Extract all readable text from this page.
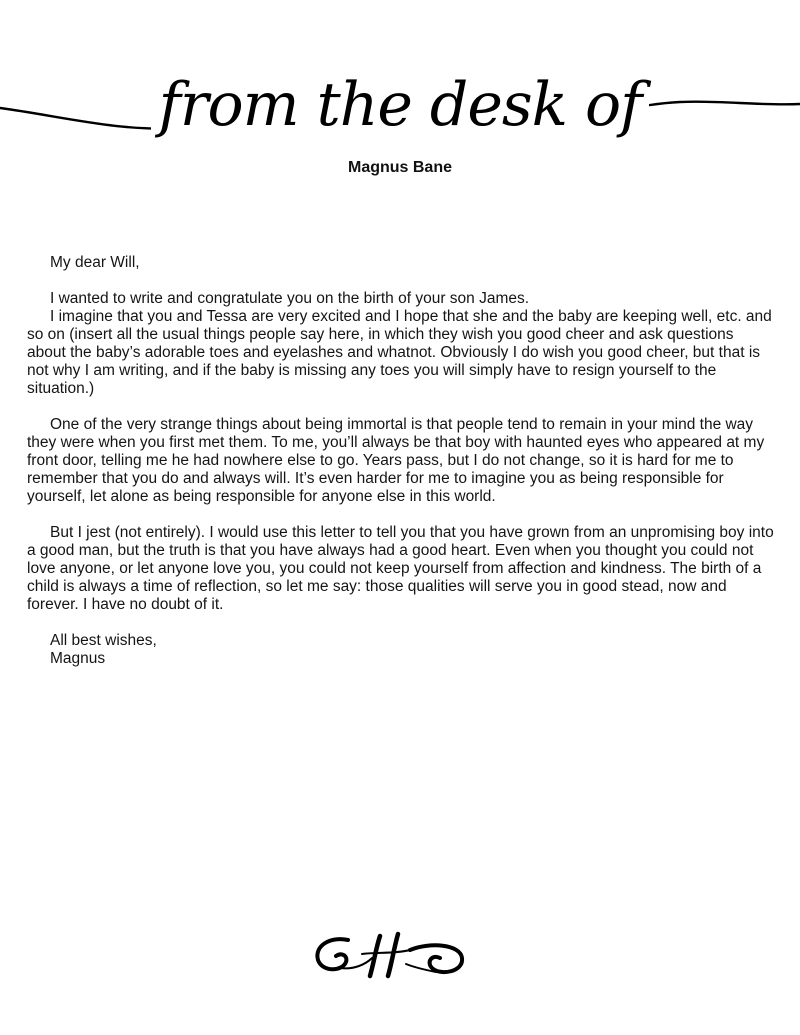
from the desk of
Magnus Bane

My dear Will,

I wanted to write and congratulate you on the birth of your son James.

I imagine that you and Tessa are very excited and I hope that she and the baby are keeping well, etc. and so on (insert all the usual things people say here, in which they wish you good cheer and ask questions about the baby’s adorable toes and eyelashes and whatnot. Obviously I do wish you good cheer, but that is not why I am writing, and if the baby is missing any toes you will simply have to resign yourself to the situation.)

One of the very strange things about being immortal is that people tend to remain in your mind the way they were when you first met them. To me, you’ll always be that boy with haunted eyes who appeared at my front door, telling me he had nowhere else to go. Years pass, but I do not change, so it is hard for me to remember that you do and always will. It’s even harder for me to imagine you as being responsible for yourself, let alone as being responsible for anyone else in this world.

But I jest (not entirely). I would use this letter to tell you that you have grown from an unpromising boy into a good man, but the truth is that you have always had a good heart. Even when you thought you could not love anyone, or let anyone love you, you could not keep yourself from affection and kindness. The birth of a child is always a time of reflection, so let me say: those qualities will serve you in good stead, now and forever. I have no doubt of it.

All best wishes,
Magnus
